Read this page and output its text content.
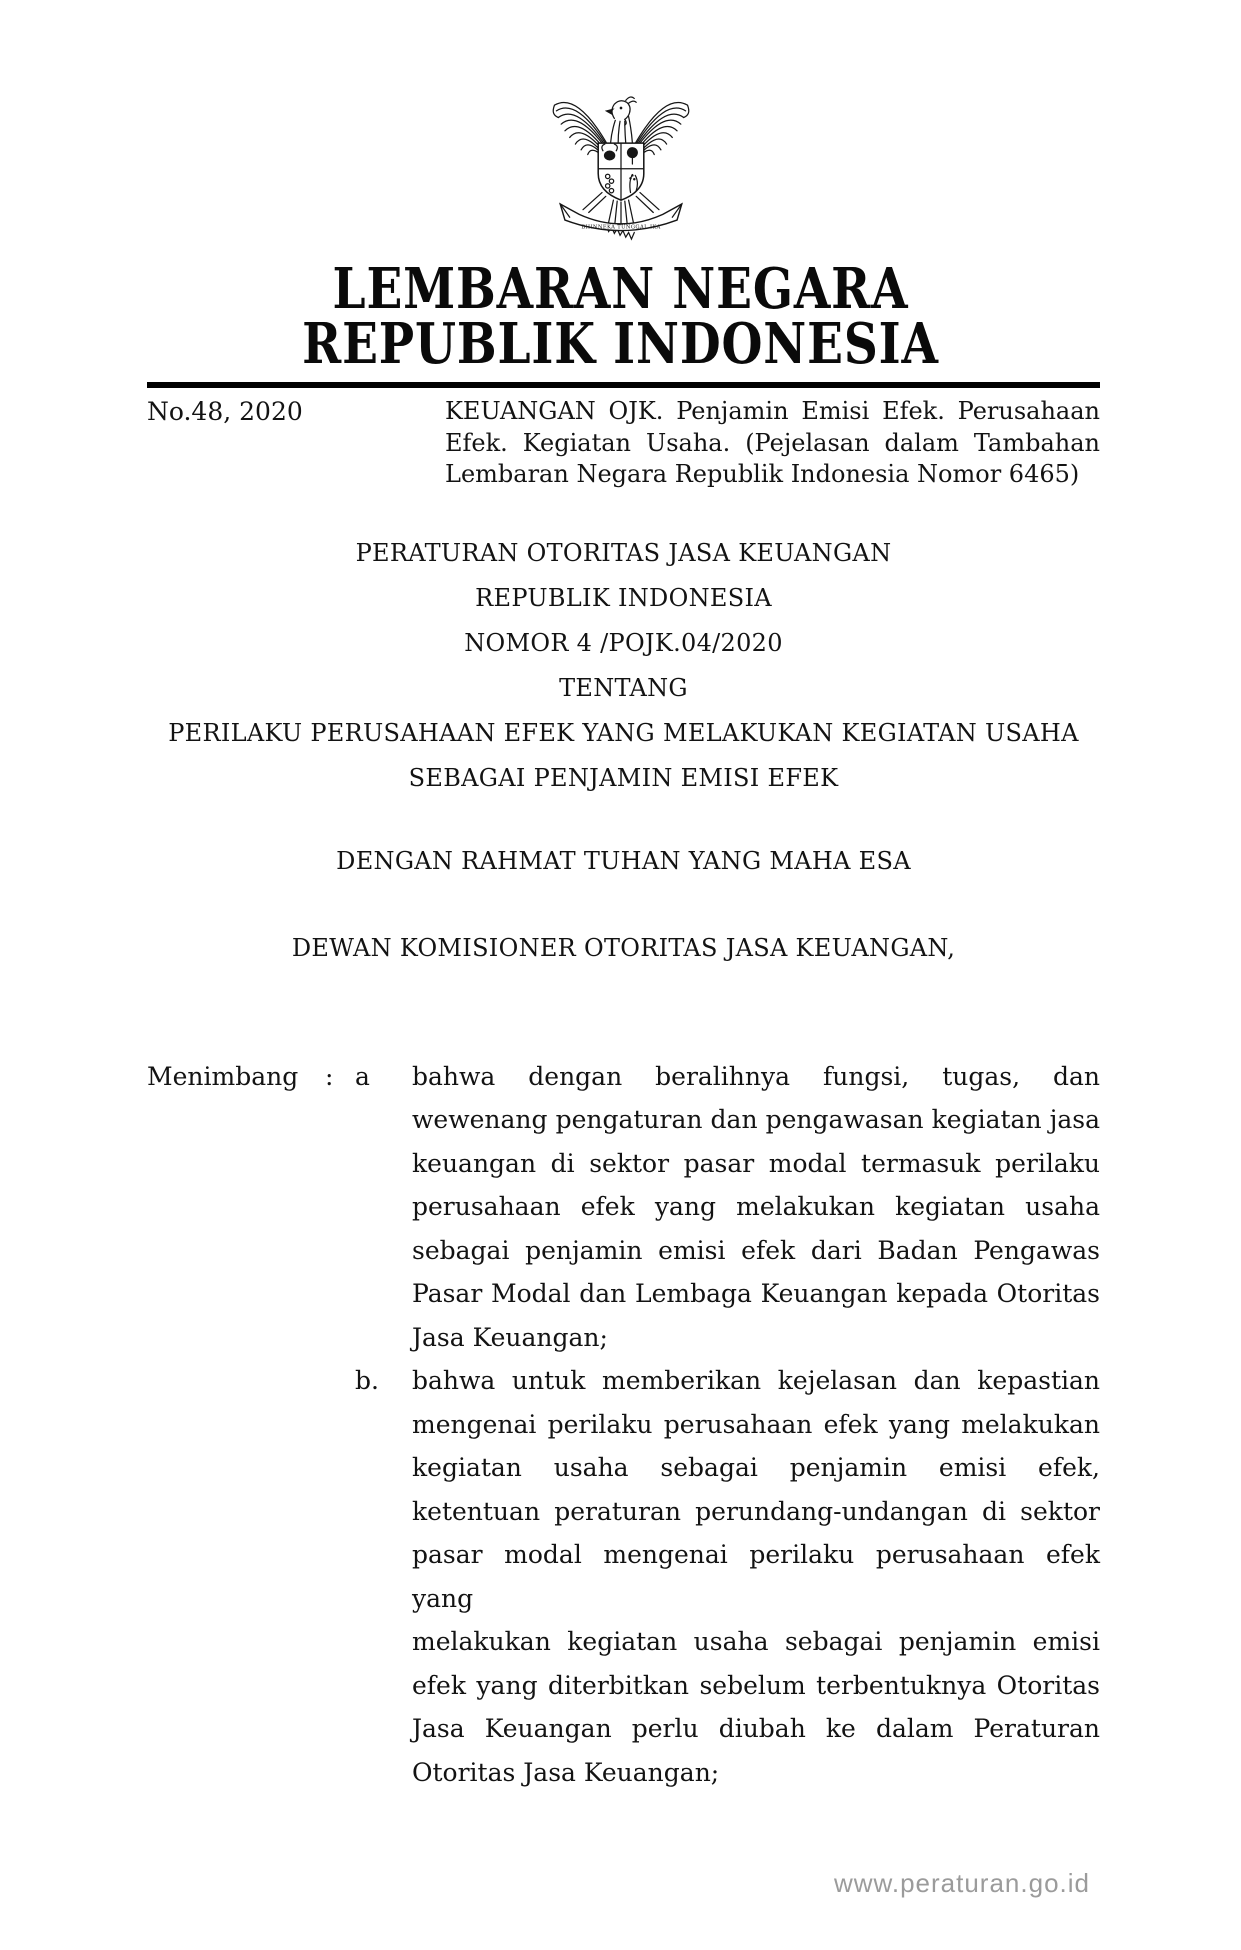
BHINNEKA TUNGGAL IKA
LEMBARAN NEGARA
REPUBLIK INDONESIA
No.48, 2020	KEUANGAN OJK. Penjamin Emisi Efek. Perusahaan
Efek. Kegiatan Usaha. (Pejelasan dalam Tambahan
Lembaran Negara Republik Indonesia Nomor 6465)
PERATURAN OTORITAS JASA KEUANGAN
REPUBLIK INDONESIA
NOMOR 4 /POJK.04/2020
TENTANG
PERILAKU PERUSAHAAN EFEK YANG MELAKUKAN KEGIATAN USAHA
SEBAGAI PENJAMIN EMISI EFEK
DENGAN RAHMAT TUHAN YANG MAHA ESA
DEWAN KOMISIONER OTORITAS JASA KEUANGAN,
Menimbang	: a	bahwa dengan beralihnya fungsi, tugas, dan
wewenang pengaturan dan pengawasan kegiatan jasa
keuangan di sektor pasar modal termasuk perilaku
perusahaan efek yang melakukan kegiatan usaha
sebagai penjamin emisi efek dari Badan Pengawas
Pasar Modal dan Lembaga Keuangan kepada Otoritas
Jasa Keuangan;
b.	bahwa untuk memberikan kejelasan dan kepastian
mengenai perilaku perusahaan efek yang melakukan
kegiatan usaha sebagai penjamin emisi efek,
ketentuan peraturan perundang-undangan di sektor
pasar modal mengenai perilaku perusahaan efek yang
melakukan kegiatan usaha sebagai penjamin emisi
efek yang diterbitkan sebelum terbentuknya Otoritas
Jasa Keuangan perlu diubah ke dalam Peraturan
Otoritas Jasa Keuangan;
www.peraturan.go.id
